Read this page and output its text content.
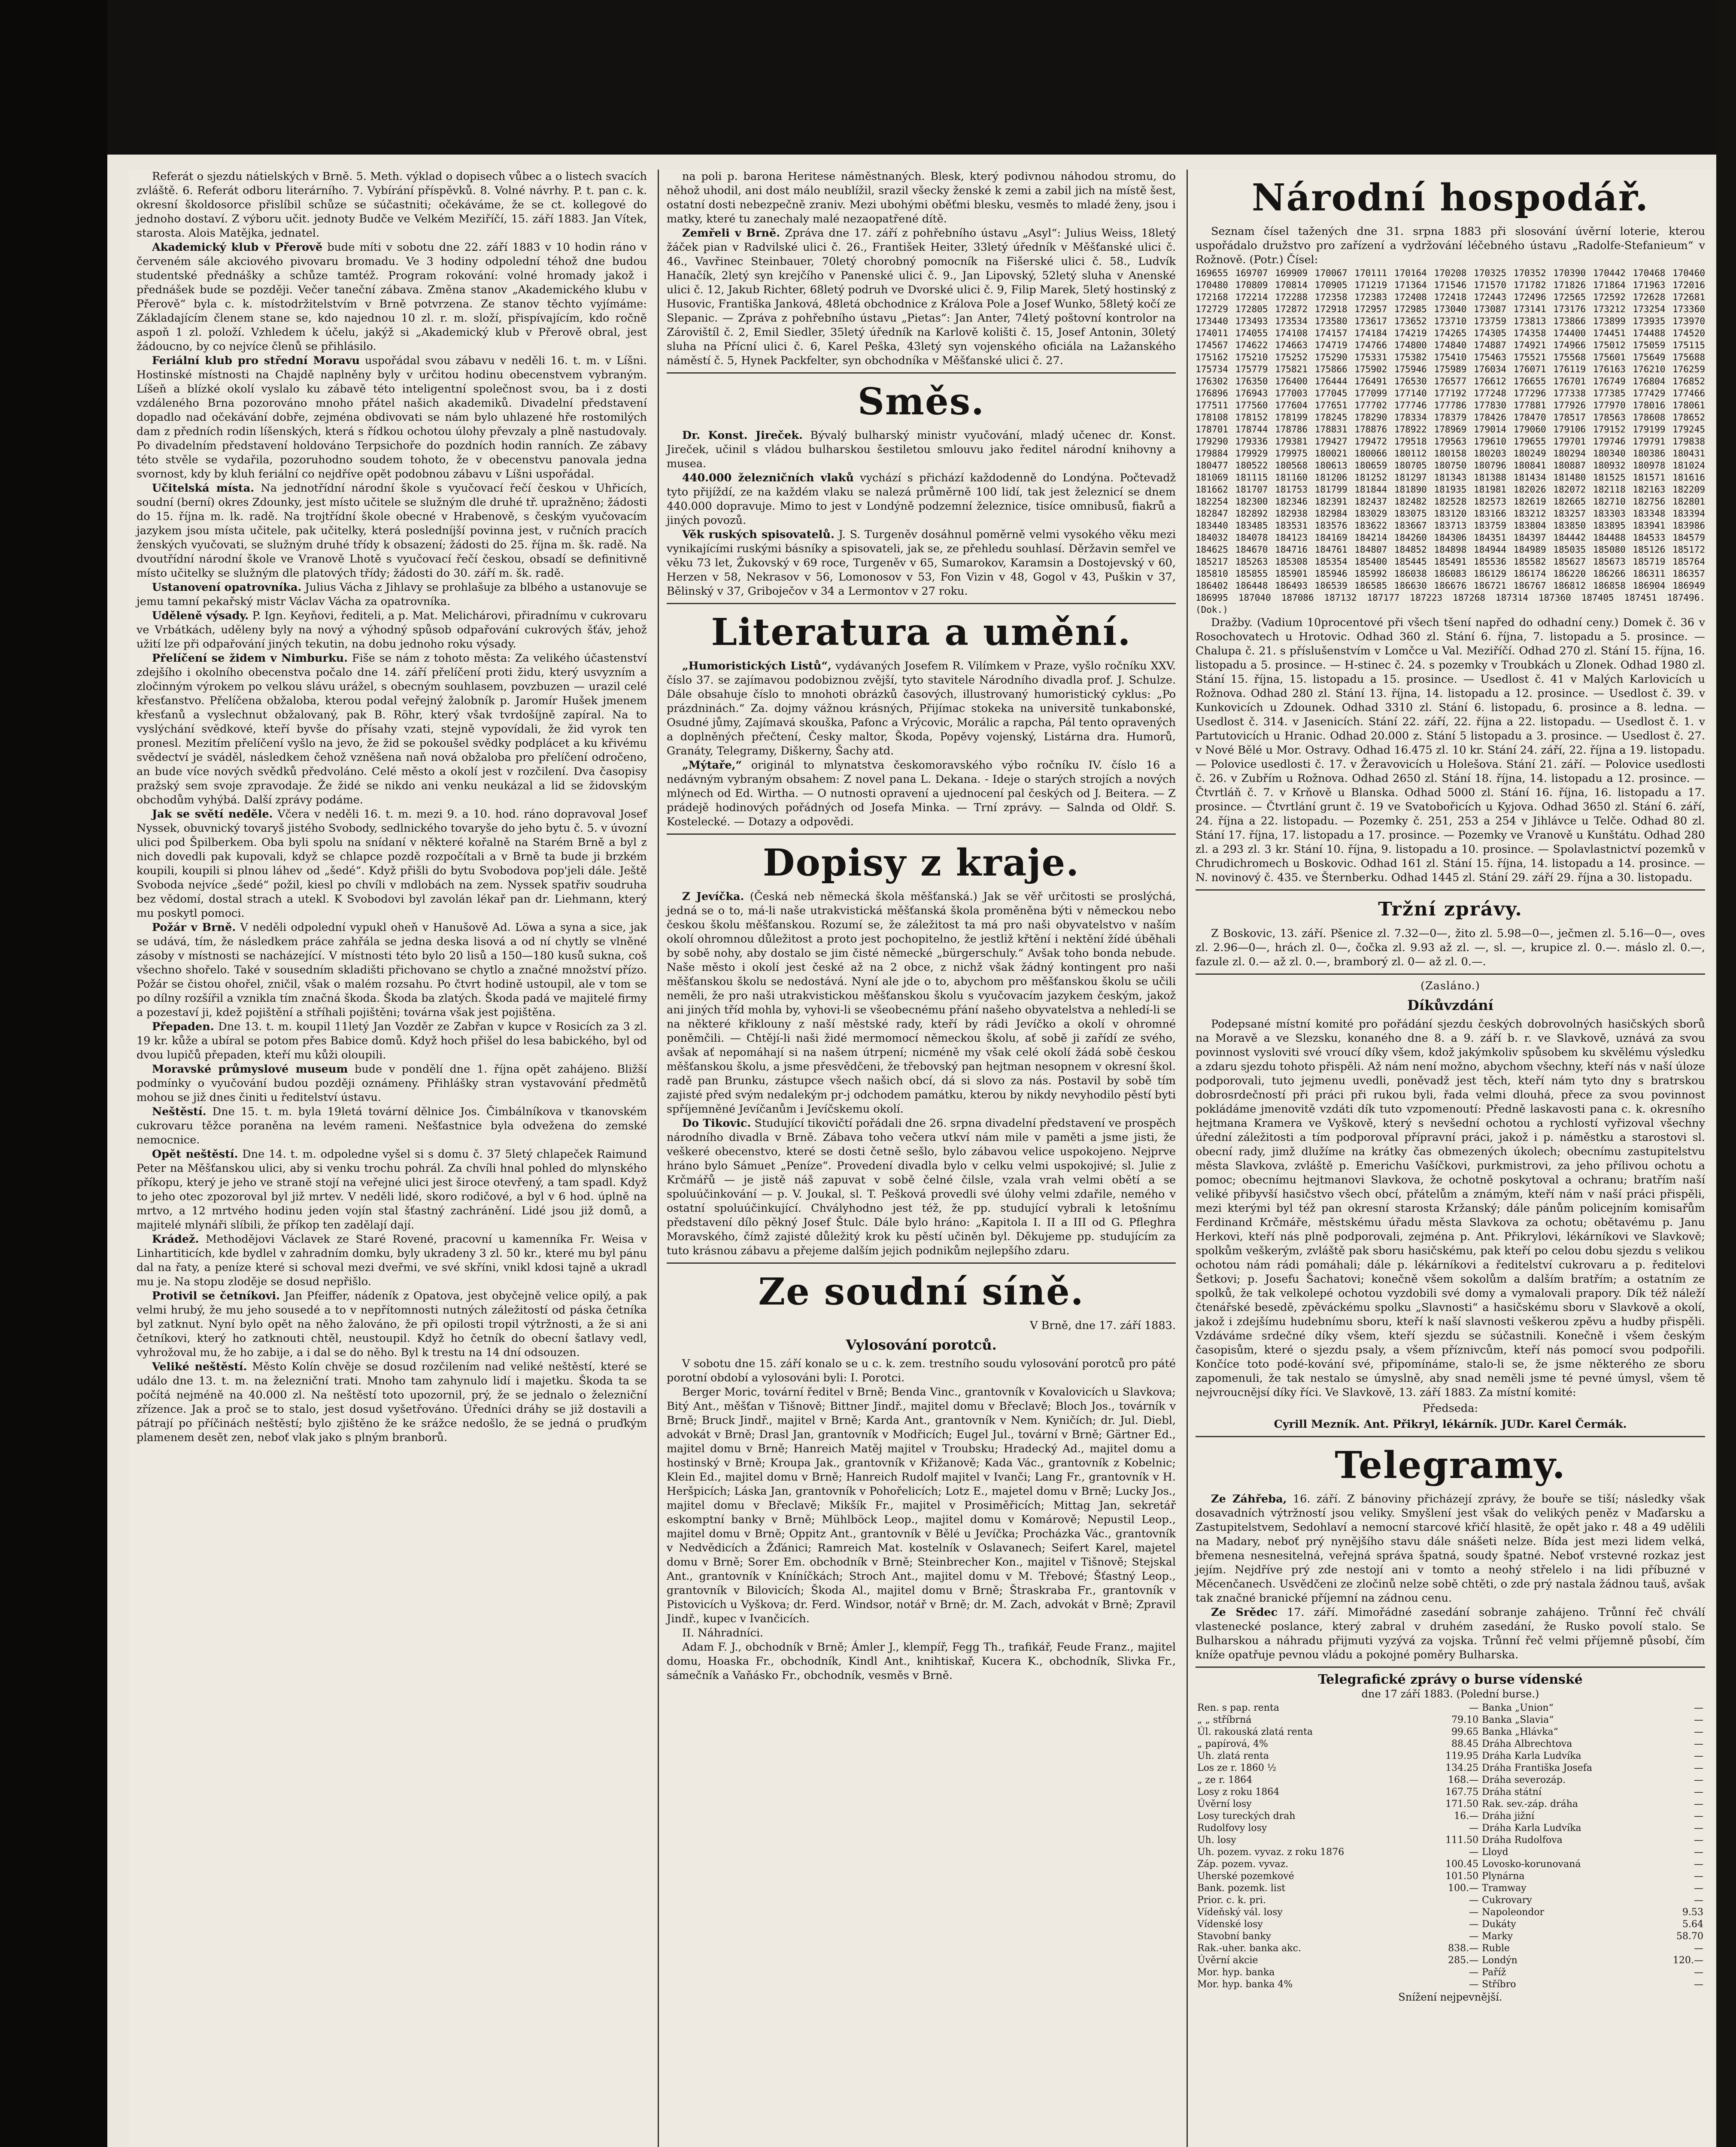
Referát o sjezdu nátielských v Brně. 5. Meth. výklad o dopisech vůbec a o listech svacích zvláště. 6. Referát odboru literárního. 7. Vybírání příspěvků. 8. Volné návrhy. P. t. pan c. k. okresní školdosorce přislíbil schůze se súčastniti; očekáváme, že se ct. kollegové do jednoho dostaví. Z výboru učit. jednoty Budče ve Velkém Meziříčí, 15. září 1883. Jan Vítek, starosta. Alois Matějka, jednatel.

Akademický klub v Přerově bude míti v sobotu dne 22. září 1883 v 10 hodin ráno v červeném sále akciového pivovaru bromadu. Ve 3 hodiny odpolední téhož dne budou studentské přednášky a schůze tamtéž. Program rokování: volné hromady jakož i přednášek bude se později. Večer taneční zábava. Změna stanov „Akademického klubu v Přerově“ byla c. k. místodržitelstvím v Brně potvrzena. Ze stanov těchto vyjímáme: Základajícím členem stane se, kdo najednou 10 zl. r. m. složí, přispívajícím, kdo ročně aspoň 1 zl. položí. Vzhledem k účelu, jakýž si „Akademický klub v Přerově obral, jest žádoucno, by co nejvíce členů se přihlásilo.

Feriální klub pro střední Moravu uspořádal svou zábavu v neděli 16. t. m. v Líšni. Hostinské místnosti na Chajdě naplněny byly v určitou hodinu obecenstvem vybraným. Líšeň a blízké okolí vyslalo ku zábavě této inteligentní společnost svou, ba i z dosti vzdáleného Brna pozorováno mnoho přátel našich akademiků. Divadelní představení dopadlo nad očekávání dobře, zejména obdivovati se nám bylo uhlazené hře rostomilých dam z předních rodin líšenských, která s řídkou ochotou úlohy převzaly a plně nastudovaly. Po divadelním představení holdováno Terpsichoře do pozdních hodin ranních. Ze zábavy této stvěle se vydařila, pozoruhodno soudem tohoto, že v obecenstvu panovala jedna svornost, kdy by kluh feriální co nejdříve opět podobnou zábavu v Líšni uspořádal.

Učitelská místa. Na jednotřídní národní škole s vyučovací řečí českou v Uhřicích, soudní (berní) okres Zdounky, jest místo učitele se služným dle druhé tř. upražněno; žádosti do 15. října m. lk. radě. Na trojtřídní škole obecné v Hrabenově, s českým vyučovacím jazykem jsou místa učitele, pak učitelky, která posledníjší povinna jest, v ručních pracích ženských vyučovati, se služným druhé třídy k obsazení; žádosti do 25. října m. šk. radě. Na dvoutřídní národní škole ve Vranově Lhotě s vyučovací řečí českou, obsadí se definitivně místo učitelky se služným dle platových třídy; žádosti do 30. září m. šk. radě.

Ustanovení opatrovníka. Julius Vácha z Jihlavy se prohlašuje za blbého a ustanovuje se jemu tamní pekařský mistr Václav Vácha za opatrovníka.

Uděleně výsady. P. Ign. Keyňovi, řediteli, a p. Mat. Melichárovi, přiradnímu v cukrovaru ve Vrbátkách, uděleny byly na nový a výhodný spůsob odpařování cukrových šťáv, jehož užití lze při odpařování jiných tekutin, na dobu jednoho roku výsady.

Přelíčení se židem v Nimburku. Fiše se nám z tohoto města: Za velikého účastenství zdejšího i okolního obecenstva počalo dne 14. září přelíčení proti židu, který usvyzním a zločinným výrokem po velkou slávu urážel, s obecným souhlasem, povzbuzen — urazil celé křesťanstvo. Přelíčena obžaloba, kterou podal veřejný žalobník p. Jaromír Hušek jmenem křesťanů a vyslechnut obžalovaný, pak B. Röhr, který však tvrdošíjně zapíral. Na to vyslýchání svědkové, kteří byvše do přísahy vzati, stejně vypovídali, že žid vyrok ten pronesl. Mezitím přelíčení vyšlo na jevo, že žid se pokoušel svědky podplácet a ku křivému svědectví je sváděl, následkem čehož vzněšena naň nová obžaloba pro přelíčení odročeno, an bude více nových svědků předvoláno. Celé město a okolí jest v rozčilení. Dva časopisy pražský sem svoje zpravodaje. Že židé se nikdo ani venku neukázal a lid se židovským obchodům vyhýbá. Další zprávy podáme.

Jak se světí neděle. Včera v neděli 16. t. m. mezi 9. a 10. hod. ráno dopravoval Josef Nyssek, obuvnický tovaryš jistého Svobody, sedlnického tovaryše do jeho bytu č. 5. v úvozní ulici pod Špilberkem. Oba byli spolu na snídaní v některé kořalně na Starém Brně a byl z nich dovedli pak kupovali, když se chlapce pozdě rozpočítali a v Brně ta bude ji brzkém koupili, koupili si plnou láhev od „šedé“. Když přišli do bytu Svobodova pop'jeli dále. Ještě Svoboda nejvíce „šedé“ požil, kiesl po chvíli v mdlobách na zem. Nyssek spatřiv soudruha bez vědomí, dostal strach a utekl. K Svobodovi byl zavolán lékař pan dr. Liehmann, který mu poskytl pomoci.

Požár v Brně. V neděli odpolední vypukl oheň v Hanušově Ad. Löwa a syna a sice, jak se udává, tím, že následkem práce zahřála se jedna deska lisová a od ní chytly se vlněné zásoby v místnosti se nacházející. V místnosti této bylo 20 lisů a 150—180 kusů sukna, coš všechno shořelo. Také v sousedním skladišti přichovano se chytlo a značné množství přízo. Požár se čistou ohořel, zničil, však o malém rozsahu. Po čtvrt hodině ustoupil, ale v tom se po dílny rozšířil a vznikla tím značná škoda. Škoda ba zlatých. Škoda padá ve majitelé firmy a pozestaví ji, kdež pojištění a stříhali pojištěni; továrna však jest pojištěna.

Přepaden. Dne 13. t. m. koupil 11letý Jan Vozděr ze Zabřan v kupce v Rosicích za 3 zl. 19 kr. kůže a ubíral se potom přes Babice domů. Když hoch přišel do lesa babického, byl od dvou lupičů přepaden, kteří mu kůži oloupili.

Moravské průmyslové museum bude v pondělí dne 1. října opět zahájeno. Bližší podmínky o vyučování budou později oznámeny. Přihlášky stran vystavování předmětů mohou se již dnes činiti u ředitelství ústavu.

Neštěstí. Dne 15. t. m. byla 19letá tovární dělnice Jos. Čimbálníkova v tkanovském cukrovaru těžce poraněna na levém rameni. Nešťastnice byla odvežena do zemské nemocnice.

Opět neštěstí. Dne 14. t. m. odpoledne vyšel si s domu č. 37 5letý chlapeček Raimund Peter na Měšťanskou ulici, aby si venku trochu pohrál. Za chvíli hnal pohled do mlynského příkopu, který je jeho ve straně stojí na veřejné ulici jest široce otevřený, a tam spadl. Když to jeho otec zpozoroval byl již mrtev. V neděli lidé, skoro rodičové, a byl v 6 hod. úplně na mrtvo, a 12 mrtvého hodinu jeden vojín stal šťastný zachránění. Lidé jsou již domů, a majitelé mlynáři slíbili, že příkop ten zadělají dají.

Krádež. Methodějovi Václavek ze Staré Rovené, pracovní u kamenníka Fr. Weisa v Linhartiticích, kde bydlel v zahradním domku, byly ukradeny 3 zl. 50 kr., které mu byl pánu dal na řaty, a peníze které si schoval mezi dveřmi, ve své skříni, vnikl kdosi tajně a ukradl mu je. Na stopu zloděje se dosud nepřišlo.

Protivil se četníkovi. Jan Pfeiffer, nádeník z Opatova, jest obyčejně velice opilý, a pak velmi hrubý, že mu jeho sousedé a to v nepřítomnosti nutných záležitostí od páska četníka byl zatknut. Nyní bylo opět na něho žalováno, že při opilosti tropil výtržnosti, a že si ani četníkovi, který ho zatknouti chtěl, neustoupil. Když ho četník do obecní šatlavy vedl, vyhrožoval mu, že ho zabije, a i dal se do něho. Byl k trestu na 14 dní odsouzen.

Veliké neštěstí. Město Kolín chvěje se dosud rozčilením nad veliké neštěstí, které se událo dne 13. t. m. na železniční trati. Mnoho tam zahynulo lidí i majetku. Škoda ta se počítá nejméně na 40.000 zl. Na neštěstí toto upozornil, prý, že se jednalo o železniční zřízence. Jak a proč se to stalo, jest dosud vyšetřováno. Úředníci dráhy se již dostavili a pátrají po příčinách neštěstí; bylo zjištěno že ke srážce nedošlo, že se jedná o pruďkým plamenem desět zen, neboť vlak jako s plným branborů.

na poli p. barona Heritese náměstnaných. Blesk, který podivnou náhodou stromu, do něhož uhodil, ani dost málo neublížil, srazil všecky ženské k zemi a zabil jich na místě šest, ostatní dosti nebezpečně zraniv. Mezi ubohými oběťmi blesku, vesměs to mladé ženy, jsou i matky, které tu zanechaly malé nezaopatřené dítě.

Zemřeli v Brně. Zpráva dne 17. září z pohřebního ústavu „Asyl“: Julius Weiss, 18letý žáček pian v Radvilské ulici č. 26., František Heiter, 33letý úředník v Měšťanské ulici č. 46., Vavřinec Steinbauer, 70letý chorobný pomocník na Fišerské ulici č. 58., Ludvík Hanačík, 2letý syn krejčího v Panenské ulici č. 9., Jan Lipovský, 52letý sluha v Anenské ulici č. 12, Jakub Richter, 68letý podruh ve Dvorské ulici č. 9, Filip Marek, 5letý hostinský z Husovic, Františka Janková, 48letá obchodnice z Králova Pole a Josef Wunko, 58letý kočí ze Slepanic. — Zpráva z pohřebního ústavu „Pietas“: Jan Anter, 74letý poštovní kontrolor na Zárovištíl č. 2, Emil Siedler, 35letý úředník na Karlově kolišti č. 15, Josef Antonin, 30letý sluha na Přícní ulici č. 6, Karel Peška, 43letý syn vojenského oficiála na Lažanského náměstí č. 5, Hynek Packfelter, syn obchodníka v Měšťanské ulici č. 27.

Směs.

Dr. Konst. Jireček. Bývalý bulharský ministr vyučování, mladý učenec dr. Konst. Jireček, učinil s vládou bulharskou šestiletou smlouvu jako ředitel národní knihovny a musea.

440.000 železničních vlaků vychází s přichází každodenně do Londýna. Počtevadž tyto přijíždí, ze na každém vlaku se nalezá průměrně 100 lidí, tak jest železnicí se dnem 440.000 dopravuje. Mimo to jest v Londýně podzemní železnice, tisíce omnibusů, fiakrů a jiných povozů.

Věk ruských spisovatelů. J. S. Turgeněv dosáhnul poměrně velmi vysokého věku mezi vynikajícími ruskými básníky a spisovateli, jak se, ze přehledu souhlasí. Děržavin semřel ve věku 73 let, Žukovský v 69 roce, Turgeněv v 65, Sumarokov, Karamsin a Dostojevský v 60, Herzen v 58, Nekrasov v 56, Lomonosov v 53, Fon Vizin v 48, Gogol v 43, Puškin v 37, Bělinský v 37, Griboječov v 34 a Lermontov v 27 roku.

Literatura a umění.

„Humoristických Listů“, vydávaných Josefem R. Vilímkem v Praze, vyšlo ročníku XXV. číslo 37. se zajímavou podobiznou zvější, tyto stavitele Národního divadla prof. J. Schulze. Dále obsahuje číslo to mnohoti obrázků časových, illustrovaný humoristický cyklus: „Po prázdninách.“ Za. dojmy vážnou krásných, Přijímac stokeka na universitě tunkabonské, Osudné jůmy, Zajímavá skouška, Pafonc a Vrýcovic, Morálic a rapcha, Pál tento opravených a doplněných přečtení, Česky maltor, Škoda, Popěvy vojenský, Listárna dra. Humorů, Granáty, Telegramy, Diškerny, Šachy atd.

„Mýtaře,“ originál to mlynatstva českomoravského výbo ročníku IV. číslo 16 a nedávným vybraným obsahem: Z novel pana L. Dekana. - Ideje o starých strojích a nových mlýnech od Ed. Wirtha. — O nutnosti opravení a ujednocení pal českých od J. Beitera. — Z prádejě hodinových pořádných od Josefa Minka. — Trní zprávy. — Salnda od Oldř. S. Kostelecké. — Dotazy a odpovědi.

Dopisy z kraje.

Z Jevíčka. (Česká neb německá škola měšťanská.) Jak se věř určitosti se proslýchá, jedná se o to, má-li naše utrakvistická měšťanská škola proměněna býti v německou nebo českou školu měšťanskou. Rozumí se, že záležitost ta má pro naši obyvatelstvo v naším okolí ohromnou důležitost a proto jest pochopitelno, že jestliž křtění i nektění žídé úběhali by sobě nohy, aby dostalo se jim čisté německé „bürgerschuly.“ Avšak toho bonda nebude. Naše město i okolí jest české až na 2 obce, z nichž však žádný kontingent pro naši měšťanskou školu se nedostává. Nyní ale jde o to, abychom pro měšťanskou školu se učili neměli, že pro naši utrakvistickou měšťanskou školu s vyučovacím jazykem českým, jakož ani jiných tříd mohla by, vyhovi-li se všeobecnému přání našeho obyvatelstva a nehledí-li se na některé křiklouny z naší městské rady, kteří by rádi Jevíčko a okolí v ohromné poněmčili. — Chtějí-li naši židé mermomocí německou školu, ať sobě ji zařídí ze svého, avšak ať nepomáhají si na našem útrpení; nicméně my však celé okolí žádá sobě českou měšťanskou školu, a jsme přesvědčeni, že třebovský pan hejtman nesopnem v okresní škol. radě pan Brunku, zástupce všech našich obcí, dá si slovo za nás. Postavil by sobě tím zajisté před svým nedalekým pr-j odchodem památku, kterou by nikdy nevyhodilo pěstí byti spříjemněné Jevíčanům i Jevíčskemu okolí.

Do Tikovic. Studující tikovičtí pořádali dne 26. srpna divadelní představení ve prospěch národního divadla v Brně. Zábava toho večera utkví nám mile v paměti a jsme jisti, že veškeré obecenstvo, které se dosti četně sešlo, bylo zábavou velice uspokojeno. Nejprve hráno bylo Sámuet „Peníze“. Provedení divadla bylo v celku velmi uspokojivé; sl. Julie z Krčmářů — je jistě náš zapuvat v sobě čelné čilsle, vzala vrah velmi obětí a se spoluúčinkování — p. V. Joukal, sl. T. Pešková provedli své úlohy velmi zdařile, nemého v ostatní spoluúčinkující. Chvályhodno jest též, že pp. studující vybrali k letošnímu představení dílo pěkný Josef Štulc. Dále bylo hráno: „Kapitola I. II a III od G. Pfleghra Moravského, čímž zajisté důležitý krok ku pěstí učiněn byl. Děkujeme pp. studujícím za tuto krásnou zábavu a přejeme dalším jejich podnikům nejlepšího zdaru.

Ze soudní síně.
V Brně, dne 17. září 1883.
Vylosování porotců.

V sobotu dne 15. září konalo se u c. k. zem. trestního soudu vylosování porotců pro páté porotní období a vylosováni byli: I. Porotci.

Berger Moric, tovární ředitel v Brně; Benda Vinc., grantovník v Kovalovicích u Slavkova; Bitý Ant., měšťan v Tišnově; Bittner Jindř., majitel domu v Břeclavě; Bloch Jos., továrník v Brně; Bruck Jindř., majitel v Brně; Karda Ant., grantovník v Nem. Kyničích; dr. Jul. Diebl, advokát v Brně; Drasl Jan, grantovník v Modřicích; Eugel Jul., tovární v Brně; Gärtner Ed., majitel domu v Brně; Hanreich Matěj majitel v Troubsku; Hradecký Ad., majitel domu a hostinský v Brně; Kroupa Jak., grantovník v Křižanově; Kada Vác., grantovník z Kobelnic; Klein Ed., majitel domu v Brně; Hanreich Rudolf majitel v Ivanči; Lang Fr., grantovník v H. Heršpicích; Láska Jan, grantovník v Pohořelicích; Lotz E., majetel domu v Brně; Lucky Jos., majitel domu v Břeclavě; Mikšík Fr., majitel v Prosiměřicích; Mittag Jan, sekretář eskomptní banky v Brně; Mühlböck Leop., majitel domu v Komárově; Nepustil Leop., majitel domu v Brně; Oppitz Ant., grantovník v Bělé u Jevíčka; Procházka Vác., grantovník v Nedvědicích a Žďánici; Ramreich Mat. kostelník v Oslavanech; Seifert Karel, majetel domu v Brně; Sorer Em. obchodník v Brně; Steinbrecher Kon., majitel v Tišnově; Stejskal Ant., grantovník v Kníníčkách; Stroch Ant., majitel domu v M. Třebové; Šťastný Leop., grantovník v Bilovicích; Škoda Al., majitel domu v Brně; Štraskraba Fr., grantovník v Pistovicích u Vyškova; dr. Ferd. Windsor, notář v Brně; dr. M. Zach, advokát v Brně; Zpravil Jindř., kupec v Ivančicích.

II. Náhradníci.

Adam F. J., obchodník v Brně; Ámler J., klempíř, Fegg Th., trafikář, Feude Franz., majitel domu, Hoaska Fr., obchodník, Kindl Ant., knihtiskař, Kucera K., obchodník, Slivka Fr., sámečník a Vaňásko Fr., obchodník, vesměs v Brně.

Národní hospodář.

Seznam čísel tažených dne 31. srpna 1883 při slosování úvěrní loterie, kterou uspořádalo družstvo pro zařízení a vydržování léčebného ústavu „Radolfe-Stefanieum“ v Rožnově. (Potr.) Čísel:

169655 169707 169909 170067 170111 170164 170208 170325 170352 170390 170442 170468 170460 170480 170809 170814 170905 171219 171364 171546 171570 171782 171826 171864 171963 172016 172168 172214 172288 172358 172383 172408 172418 172443 172496 172565 172592 172628 172681 172729 172805 172872 172918 172957 172985 173040 173087 173141 173176 173212 173254 173360 173440 173493 173534 173580 173617 173652 173710 173759 173813 173866 173899 173935 173970 174011 174055 174108 174157 174184 174219 174265 174305 174358 174400 174451 174488 174520 174567 174622 174663 174719 174766 174800 174840 174887 174921 174966 175012 175059 175115 175162 175210 175252 175290 175331 175382 175410 175463 175521 175568 175601 175649 175688 175734 175779 175821 175866 175902 175946 175989 176034 176071 176119 176163 176210 176259 176302 176350 176400 176444 176491 176530 176577 176612 176655 176701 176749 176804 176852 176896 176943 177003 177045 177099 177140 177192 177248 177296 177338 177385 177429 177466 177511 177560 177604 177651 177702 177746 177786 177830 177881 177926 177970 178016 178061 178108 178152 178199 178245 178290 178334 178379 178426 178470 178517 178563 178608 178652 178701 178744 178786 178831 178876 178922 178969 179014 179060 179106 179152 179199 179245 179290 179336 179381 179427 179472 179518 179563 179610 179655 179701 179746 179791 179838 179884 179929 179975 180021 180066 180112 180158 180203 180249 180294 180340 180386 180431 180477 180522 180568 180613 180659 180705 180750 180796 180841 180887 180932 180978 181024 181069 181115 181160 181206 181252 181297 181343 181388 181434 181480 181525 181571 181616 181662 181707 181753 181799 181844 181890 181935 181981 182026 182072 182118 182163 182209 182254 182300 182346 182391 182437 182482 182528 182573 182619 182665 182710 182756 182801 182847 182892 182938 182984 183029 183075 183120 183166 183212 183257 183303 183348 183394 183440 183485 183531 183576 183622 183667 183713 183759 183804 183850 183895 183941 183986 184032 184078 184123 184169 184214 184260 184306 184351 184397 184442 184488 184533 184579 184625 184670 184716 184761 184807 184852 184898 184944 184989 185035 185080 185126 185172 185217 185263 185308 185354 185400 185445 185491 185536 185582 185627 185673 185719 185764 185810 185855 185901 185946 185992 186038 186083 186129 186174 186220 186266 186311 186357 186402 186448 186493 186539 186585 186630 186676 186721 186767 186812 186858 186904 186949 186995 187040 187086 187132 187177 187223 187268 187314 187360 187405 187451 187496. (Dok.)

Dražby. (Vadium 10procentové při všech tšení napřed do odhadní ceny.) Domek č. 36 v Rosochovatech u Hrotovic. Odhad 360 zl. Stání 6. října, 7. listopadu a 5. prosince. — Chalupa č. 21. s příslušenstvím v Lomčce u Val. Meziříčí. Odhad 270 zl. Stání 15. října, 16. listopadu a 5. prosince. — H-stinec č. 24. s pozemky v Troubkách u Zlonek. Odhad 1980 zl. Stání 15. října, 15. listopadu a 15. prosince. — Usedlost č. 41 v Malých Karlovicích u Rožnova. Odhad 280 zl. Stání 13. října, 14. listopadu a 12. prosince. — Usedlost č. 39. v Kunkovicích u Zdounek. Odhad 3310 zl. Stání 6. listopadu, 6. prosince a 8. ledna. — Usedlost č. 314. v Jasenicích. Stání 22. září, 22. října a 22. listopadu. — Usedlost č. 1. v Partutovicích u Hranic. Odhad 20.000 z. Stání 5 listopadu a 3. prosince. — Usedlost č. 27. v Nové Bělé u Mor. Ostravy. Odhad 16.475 zl. 10 kr. Stání 24. září, 22. října a 19. listopadu. — Polovice usedlosti č. 17. v Žeravovicích u Holešova. Stání 21. září. — Polovice usedlosti č. 26. v Zubřím u Rožnova. Odhad 2650 zl. Stání 18. října, 14. listopadu a 12. prosince. — Čtvrtláň č. 7. v Krňově u Blanska. Odhad 5000 zl. Stání 16. října, 16. listopadu a 17. prosince. — Čtvrtlání grunt č. 19 ve Svatobořicích u Kyjova. Odhad 3650 zl. Stání 6. září, 24. října a 22. listopadu. — Pozemky č. 251, 253 a 254 v Jihlávce u Telče. Odhad 80 zl. Stání 17. října, 17. listopadu a 17. prosince. — Pozemky ve Vranově u Kunštátu. Odhad 280 zl. a 293 zl. 3 kr. Stání 10. října, 9. listopadu a 10. prosince. — Spolavlastnictví pozemků v Chrudichromech u Boskovic. Odhad 161 zl. Stání 15. října, 14. listopadu a 14. prosince. — N. novinový č. 435. ve Šternberku. Odhad 1445 zl. Stání 29. září 29. října a 30. listopadu.

Tržní zprávy.

Z Boskovic, 13. září. Pšenice zl. 7.32—0—, žito zl. 5.98—0—, ječmen zl. 5.16—0—, oves zl. 2.96—0—, hrách zl. 0—, čočka zl. 9.93 až zl. —, sl. —, krupice zl. 0.—. máslo zl. 0.—, fazule zl. 0.— až zl. 0.—, bramborý zl. 0— až zl. 0.—.

(Zasláno.)
Díkůvzdání

Podepsané místní komité pro pořádání sjezdu českých dobrovolných hasičských sborů na Moravě a ve Slezsku, konaného dne 8. a 9. září b. r. ve Slavkově, uznává za svou povinnost vysloviti své vroucí díky všem, kdož jakýmkoliv spůsobem ku skvělému výsledku a zdaru sjezdu tohoto přispěli. Až nám není možno, abychom všechny, kteří nás v naší úloze podporovali, tuto jejmenu uvedli, poněvadž jest těch, kteří nám tyto dny s bratrskou dobrosrdečností při práci při rukou byli, řada velmi dlouhá, přece za svou povinnost pokládáme jmenovitě vzdáti dík tuto vzpomenoutí: Předně laskavosti pana c. k. okresního hejtmana Kramera ve Vyškově, který s nevšední ochotou a rychlostí vyřizoval všechny úřední záležitosti a tím podporoval přípravní práci, jakož i p. náměstku a starostovi sl. obecní rady, jimž dlužíme na krátky čas obmezených úkolech; obecnímu zastupitelstvu města Slavkova, zvláště p. Emerichu Vašíčkovi, purkmistrovi, za jeho přílivou ochotu a pomoc; obecnímu hejtmanovi Slavkova, že ochotně poskytoval a ochranu; bratřím naší veliké přibyvší hasičstvo všech obcí, přátelům a známým, kteří nám v naší práci přispěli, mezi kterými byl též pan okresní starosta Kržanský; dále pánům policejním komisařům Ferdinand Krčmáře, městskému úřadu města Slavkova za ochotu; obětavému p. Janu Herkovi, kteří nás plně podporovali, zejména p. Ant. Přikrylovi, lékárníkovi ve Slavkově; spolkům veškerým, zvláště pak sboru hasičskému, pak kteří po celou dobu sjezdu s velikou ochotou nám rádi pomáhali; dále p. lékárníkovi a ředitelství cukrovaru a p. ředitelovi Šetkovi; p. Josefu Šachatovi; konečně všem sokolům a dalším bratřím; a ostatním ze spolků, že tak velkolepé ochotou vyzdobili své domy a vymalovali prapory. Dík též náleží čtenářské besedě, zpěváckému spolku „Slavnosti“ a hasičskému sboru v Slavkově a okolí, jakož i zdejšímu hudebnímu sboru, kteří k naší slavnosti veškerou zpěvu a hudby přispěli. Vzdáváme srdečné díky všem, kteří sjezdu se súčastnili. Konečně i všem českým časopisům, které o sjezdu psaly, a všem příznivcům, kteří nás pomocí svou podpořili. Končíce toto podé-kování své, připomínáme, stalo-li se, že jsme některého ze sboru zapomenuli, že tak nestalo se úmyslně, aby snad neměli jsme té pevné úmysl, všem tě nejvroucnějsí díky říci. Ve Slavkově, 13. září 1883. Za místní komité:

Předseda:
Cyrill Mezník. Ant. Přikryl, lékárník. JUDr. Karel Čermák.
Telegramy.

Ze Záhřeba, 16. září. Z bánoviny přicházejí zprávy, že bouře se tiší; následky však dosavadních výtržností jsou veliky. Smyšlení jest však do velikých peněz v Maďarsku a Zastupitelstvem, Sedohlaví a nemocní starcové křičí hlasitě, že opět jako r. 48 a 49 udělili na Madary, neboť prý nynějšího stavu dále snášeti nelze. Bída jest mezi lidem velká, břemena nesnesitelná, veřejná správa špatná, soudy špatné. Neboť vrstevné rozkaz jest jejím. Nejdříve prý zde nestojí ani v tomto a neohý střelelo i na lidi příbuzné v Měcenčanech. Usvědčeni ze zločinů nelze sobě chtěti, o zde prý nastala žádnou tauš, avšak tak značné branické příjemní na zádnou cenu.

Ze Srědec 17. září. Mimořádné zasedání sobranje zahájeno. Trůnní řeč chválí vlastenecké poslance, který zabral v druhém zasedání, že Rusko povolí stalo. Se Bulharskou a náhradu přijmuti vyzývá za vojska. Trůnní řeč velmi příjemně působí, čím kníže opatřuje pevnou vládu a pokojné poměry Bulharska.

Telegrafické zprávy o burse vídenské
dne 17 září 1883. (Polední burse.)
Ren. s pap. renta	—	Banka „Union“	—
„ „ stříbrná	79.10	Banka „Slavia“	—
Úl. rakouská zlatá renta	99.65	Banka „Hlávka“	—
„ papírová, 4%	88.45	Dráha Albrechtova	—
Uh. zlatá renta	119.95	Dráha Karla Ludvíka	—
Los ze r. 1860 ½	134.25	Dráha Františka Josefa	—
„ ze r. 1864	168.—	Dráha severozáp.	—
Losy z roku 1864	167.75	Dráha státní	—
Úvěrní losy	171.50	Rak. sev.-záp. dráha	—
Losy tureckých drah	16.—	Dráha jižní	—
Rudolfovy losy	—	Dráha Karla Ludvíka	—
Uh. losy	111.50	Dráha Rudolfova	—
Uh. pozem. vyvaz. z roku 1876	—	Lloyd	—
Záp. pozem. vyvaz.	100.45	Lovosko-korunovaná	—
Uherské pozemkové	101.50	Plynárna	—
Bank. pozemk. list	100.—	Tramway	—
Prior. c. k. pri.	—	Cukrovary	—
Vídeňský vál. losy	—	Napoleondor	9.53
Vídenské losy	—	Dukáty	5.64
Stavobní banky	—	Marky	58.70
Rak.-uher. banka akc.	838.—	Ruble	—
Úvěrní akcie	285.—	Londýn	120.—
Mor. hyp. banka	—	Paříž	—
Mor. hyp. banka 4%	—	Stříbro	—
Snížení nejpevnější.
